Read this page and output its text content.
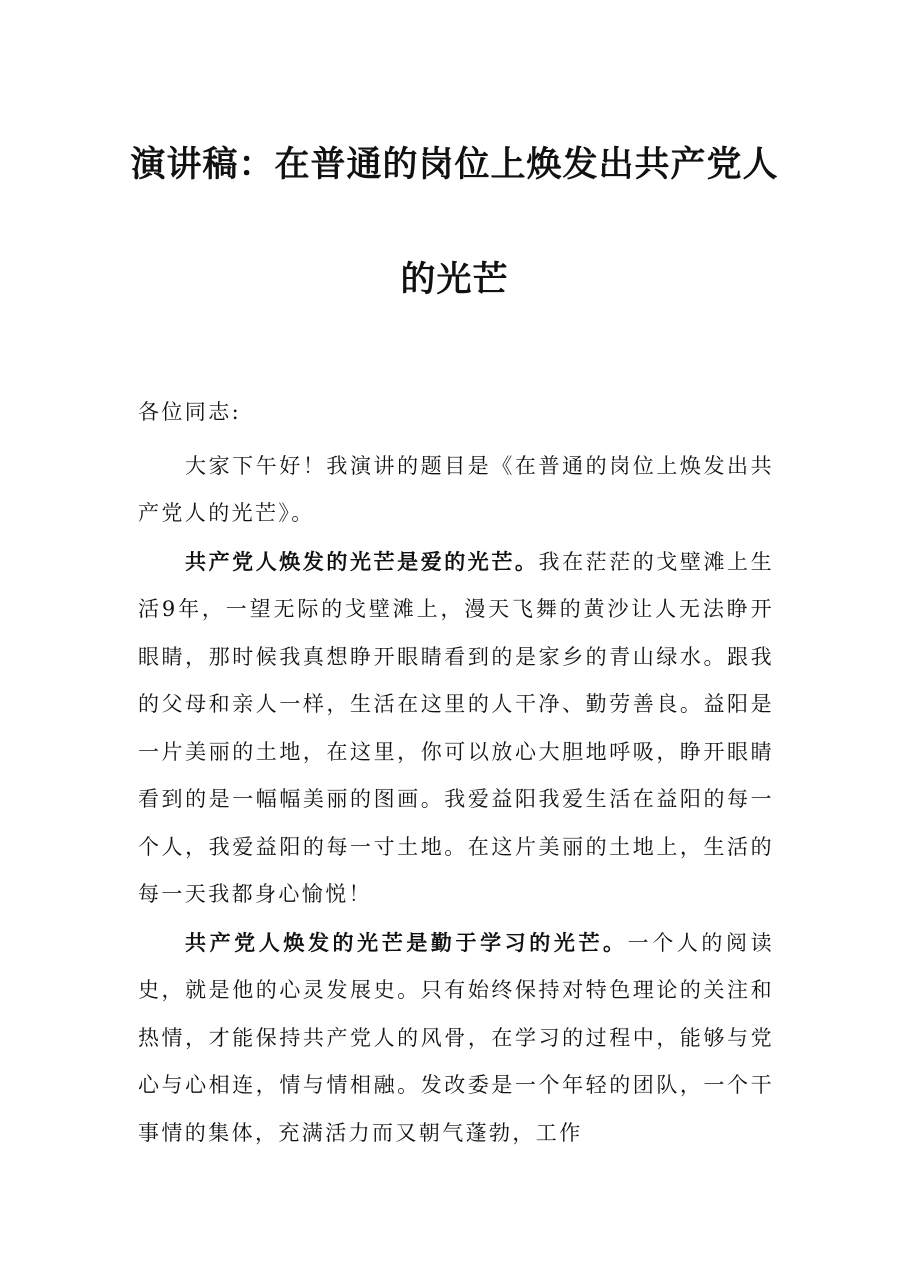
演讲稿：在普通的岗位上焕发出共产党人
的光芒

各位同志:

大家下午好！我演讲的题目是《在普通的岗位上焕发出共产党人的光芒》。

共产党人焕发的光芒是爱的光芒。我在茫茫的戈壁滩上生活9年，一望无际的戈壁滩上，漫天飞舞的黄沙让人无法睁开眼睛，那时候我真想睁开眼睛看到的是家乡的青山绿水。跟我的父母和亲人一样，生活在这里的人干净、勤劳善良。益阳是一片美丽的土地，在这里，你可以放心大胆地呼吸，睁开眼睛看到的是一幅幅美丽的图画。我爱益阳我爱生活在益阳的每一个人，我爱益阳的每一寸土地。在这片美丽的土地上，生活的每一天我都身心愉悦！

共产党人焕发的光芒是勤于学习的光芒。一个人的阅读史，就是他的心灵发展史。只有始终保持对特色理论的关注和热情，才能保持共产党人的风骨，在学习的过程中，能够与党心与心相连，情与情相融。发改委是一个年轻的团队，一个干事情的集体，充满活力而又朝气蓬勃，工作
